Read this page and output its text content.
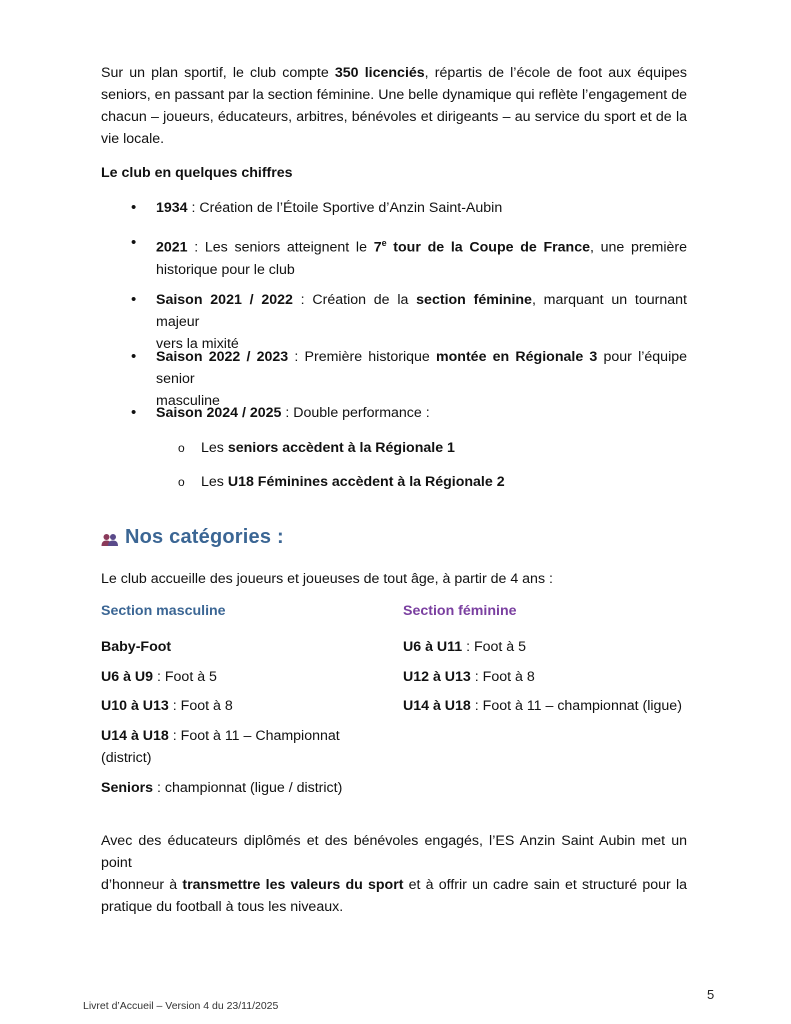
Sur un plan sportif, le club compte 350 licenciés, répartis de l’école de foot aux équipes
seniors, en passant par la section féminine. Une belle dynamique qui reflète l’engagement de
chacun – joueurs, éducateurs, arbitres, bénévoles et dirigeants – au service du sport et de la
vie locale.
Le club en quelques chiffres
•
1934 : Création de l’Étoile Sportive d’Anzin Saint-Aubin
•
2021 : Les seniors atteignent le 7e tour de la Coupe de France, une première
historique pour le club
•
Saison 2021 / 2022 : Création de la section féminine, marquant un tournant majeur
vers la mixité
•
Saison 2022 / 2023 : Première historique montée en Régionale 3 pour l’équipe senior
masculine
•
Saison 2024 / 2025 : Double performance :
o Les seniors accèdent à la Régionale 1
o Les U18 Féminines accèdent à la Régionale 2
Nos catégories :
Le club accueille des joueurs et joueuses de tout âge, à partir de 4 ans :
Section masculine	Section féminine
Baby-Foot
U6 à U9 : Foot à 5
U10 à U13 : Foot à 8
U14 à U18 : Foot à 11 – Championnat
(district)
Seniors : championnat (ligue / district)
U6 à U11 : Foot à 5
U12 à U13 : Foot à 8
U14 à U18 : Foot à 11 – championnat (ligue)
Avec des éducateurs diplômés et des bénévoles engagés, l’ES Anzin Saint Aubin met un point
d’honneur à transmettre les valeurs du sport et à offrir un cadre sain et structuré pour la
pratique du football à tous les niveaux.
5
Livret d’Accueil – Version 4 du 23/11/2025
